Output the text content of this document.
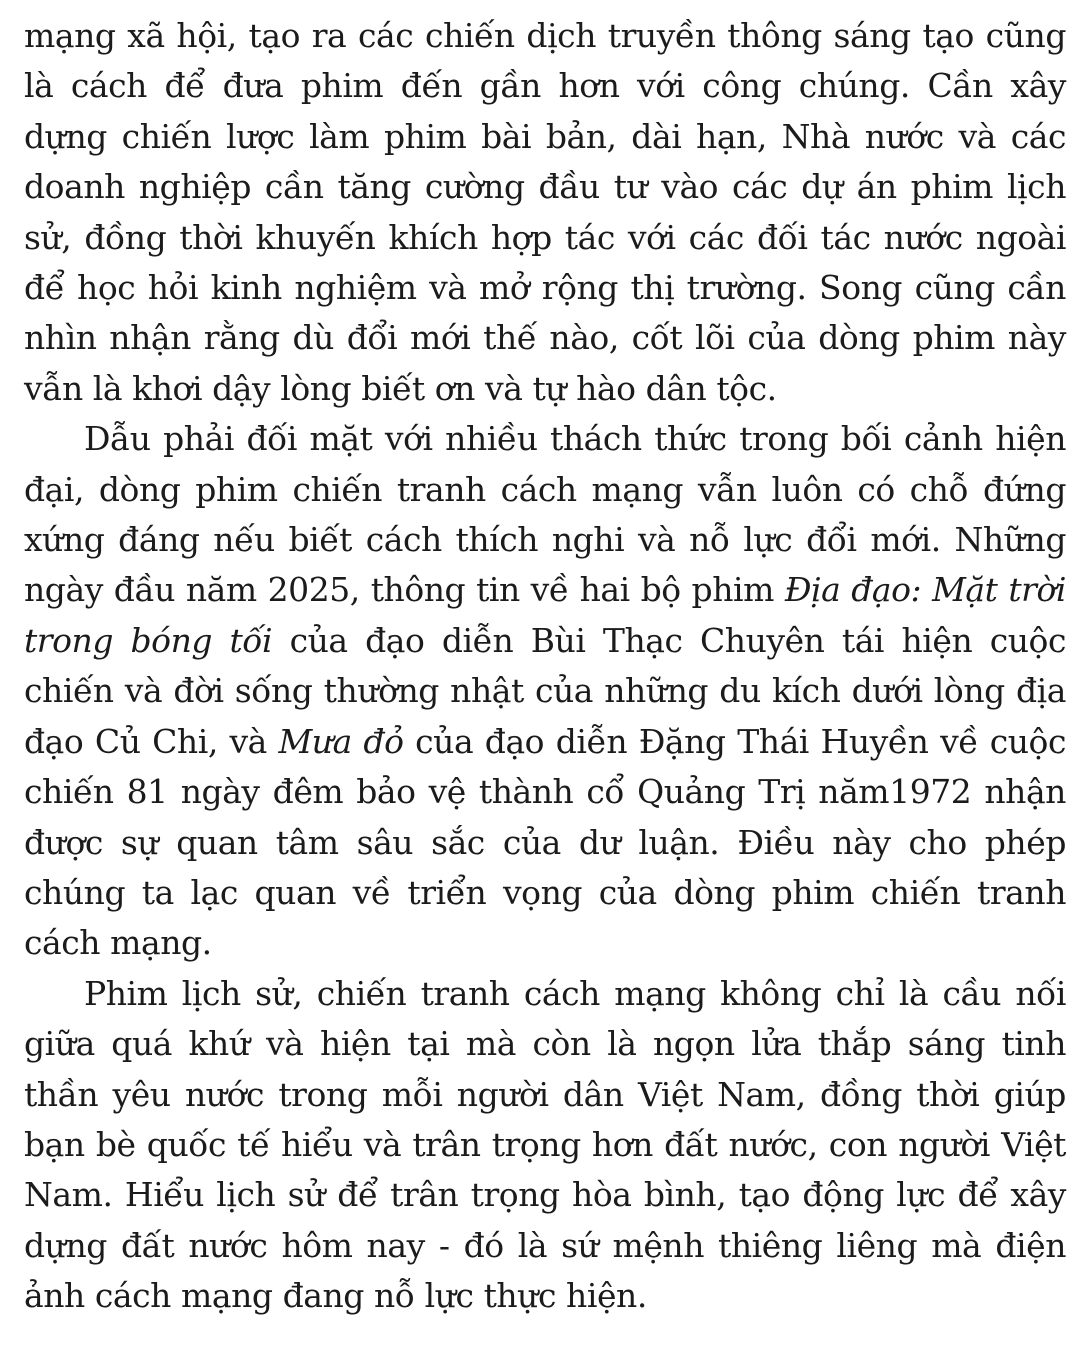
mạng xã hội, tạo ra các chiến dịch truyền thông sáng tạo cũng là cách để đưa phim đến gần hơn với công chúng. Cần xây dựng chiến lược làm phim bài bản, dài hạn, Nhà nước và các doanh nghiệp cần tăng cường đầu tư vào các dự án phim lịch sử, đồng thời khuyến khích hợp tác với các đối tác nước ngoài để học hỏi kinh nghiệm và mở rộng thị trường. Song cũng cần nhìn nhận rằng dù đổi mới thế nào, cốt lõi của dòng phim này vẫn là khơi dậy lòng biết ơn và tự hào dân tộc.

Dẫu phải đối mặt với nhiều thách thức trong bối cảnh hiện đại, dòng phim chiến tranh cách mạng vẫn luôn có chỗ đứng xứng đáng nếu biết cách thích nghi và nỗ lực đổi mới. Những ngày đầu năm 2025, thông tin về hai bộ phim Địa đạo: Mặt trời trong bóng tối của đạo diễn Bùi Thạc Chuyên tái hiện cuộc chiến và đời sống thường nhật của những du kích dưới lòng địa đạo Củ Chi, và Mưa đỏ của đạo diễn Đặng Thái Huyền về cuộc chiến 81 ngày đêm bảo vệ thành cổ Quảng Trị năm1972 nhận được sự quan tâm sâu sắc của dư luận. Điều này cho phép chúng ta lạc quan về triển vọng của dòng phim chiến tranh cách mạng.

Phim lịch sử, chiến tranh cách mạng không chỉ là cầu nối giữa quá khứ và hiện tại mà còn là ngọn lửa thắp sáng tinh thần yêu nước trong mỗi người dân Việt Nam, đồng thời giúp bạn bè quốc tế hiểu và trân trọng hơn đất nước, con người Việt Nam. Hiểu lịch sử để trân trọng hòa bình, tạo động lực để xây dựng đất nước hôm nay - đó là sứ mệnh thiêng liêng mà điện ảnh cách mạng đang nỗ lực thực hiện.
